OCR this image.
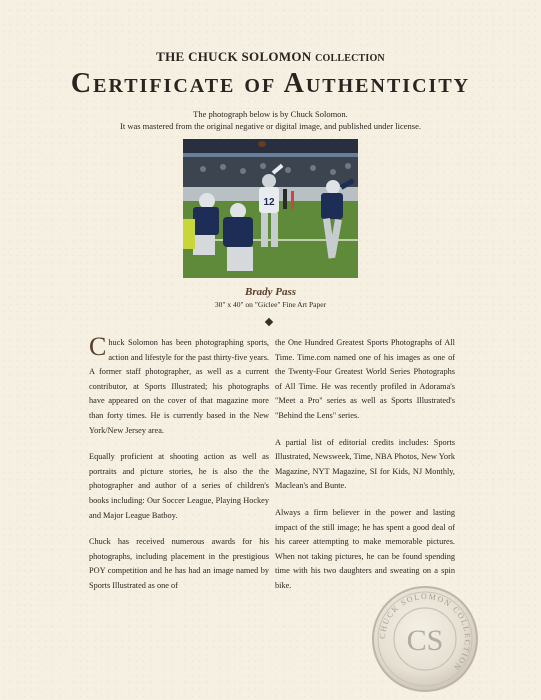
THE CHUCK SOLOMON COLLECTION
Certificate of Authenticity
The photograph below is by Chuck Solomon.
It was mastered from the original negative or digital image, and published under license.
12
Brady Pass
30" x 40" on "Giclee" Fine Art Paper

Chuck Solomon has been photographing sports, action and lifestyle for the past thirty-five years. A former staff photographer, as well as a current contributor, at Sports Illustrated; his photographs have appeared on the cover of that magazine more than forty times. He is currently based in the New York/New Jersey area.

Equally proficient at shooting action as well as portraits and picture stories, he is also the the photographer and author of a series of children's books including: Our Soccer League, Playing Hockey and Major League Batboy.

Chuck has received numerous awards for his photographs, including placement in the prestigious POY competition and he has had an image named by Sports Illustrated as one of

the One Hundred Greatest Sports Photographs of All Time. Time.com named one of his images as one of the Twenty-Four Greatest World Series Photographs of All Time. He was recently profiled in Adorama's "Meet a Pro" series as well as Sports Illustrated's "Behind the Lens" series.

A partial list of editorial credits includes: Sports Illustrated, Newsweek, Time, NBA Photos, New York Magazine, NYT Magazine, SI for Kids, NJ Monthly, Maclean's and Bunte.

Always a firm believer in the power and lasting impact of the still image; he has spent a good deal of his career attempting to make memorable pictures. When not taking pictures, he can be found spending time with his two daughters and sweating on a spin bike.

CHUCK SOLOMON COLLECTION
CS
